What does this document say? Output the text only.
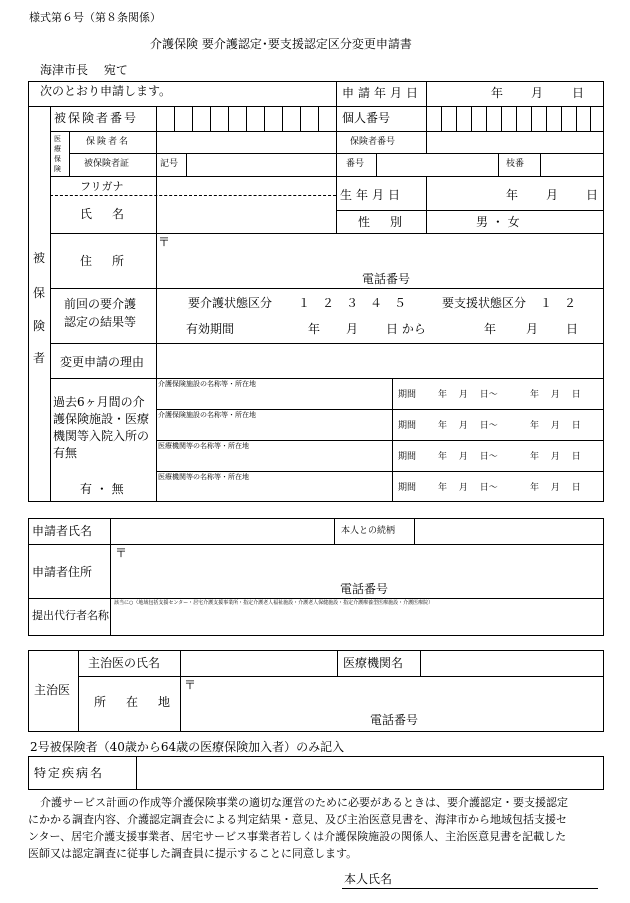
様式第６号（第８条関係）
介護保険 要介護認定･要支援認定区分変更申請書
海津市長　 宛て
次のとおり申請します。	申請年月日	年 月 日
被
保
険
者
被保険者番号	個人番号
医
療
保
険
保険者名	保険者番号
被保険者証	記号	番号	枝番
フリガナ
氏　名
生年月日	年 月 日
性　別	男 ・ 女
住　所
〒
電話番号
前回の要介護
認定の結果等
要介護状態区分 １　２　３　４　５	要支援状態区分 １　２
有効期間	年 月 日 から	年 月 日
変更申請の理由
過去6ヶ月間の介
護保険施設・医療
機関等入院入所の
有無
有 ・ 無
介護保険施設の名称等・所在地
期間 年　 月　 日～	年　 月　 日
介護保険施設の名称等・所在地
期間 年　 月　 日～	年　 月　 日
医療機関等の名称等・所在地
期間 年　 月　 日～	年　 月　 日
医療機関等の名称等・所在地
期間 年　 月　 日～	年　 月　 日
申請者氏名	本人との続柄
申請者住所
〒
電話番号
提出代行者名称
該当に○（地域包括支援センター・居宅介護支援事業所・指定介護老人福祉施設・介護老人保健施設・指定介護療養型医療施設・介護医療院）
主治医
主治医の氏名	医療機関名
所　在　地
〒
電話番号
2号被保険者（40歳から64歳の医療保険加入者）のみ記入
特定疾病名
介護サービス計画の作成等介護保険事業の適切な運営のために必要があるときは、要介護認定・要支援認定
にかかる調査内容、介護認定調査会による判定結果・意見、及び主治医意見書を、海津市から地域包括支援セ
ンター、居宅介護支援事業者、居宅サービス事業者若しくは介護保険施設の関係人、主治医意見書を記載した
医師又は認定調査に従事した調査員に提示することに同意します。
本人氏名
